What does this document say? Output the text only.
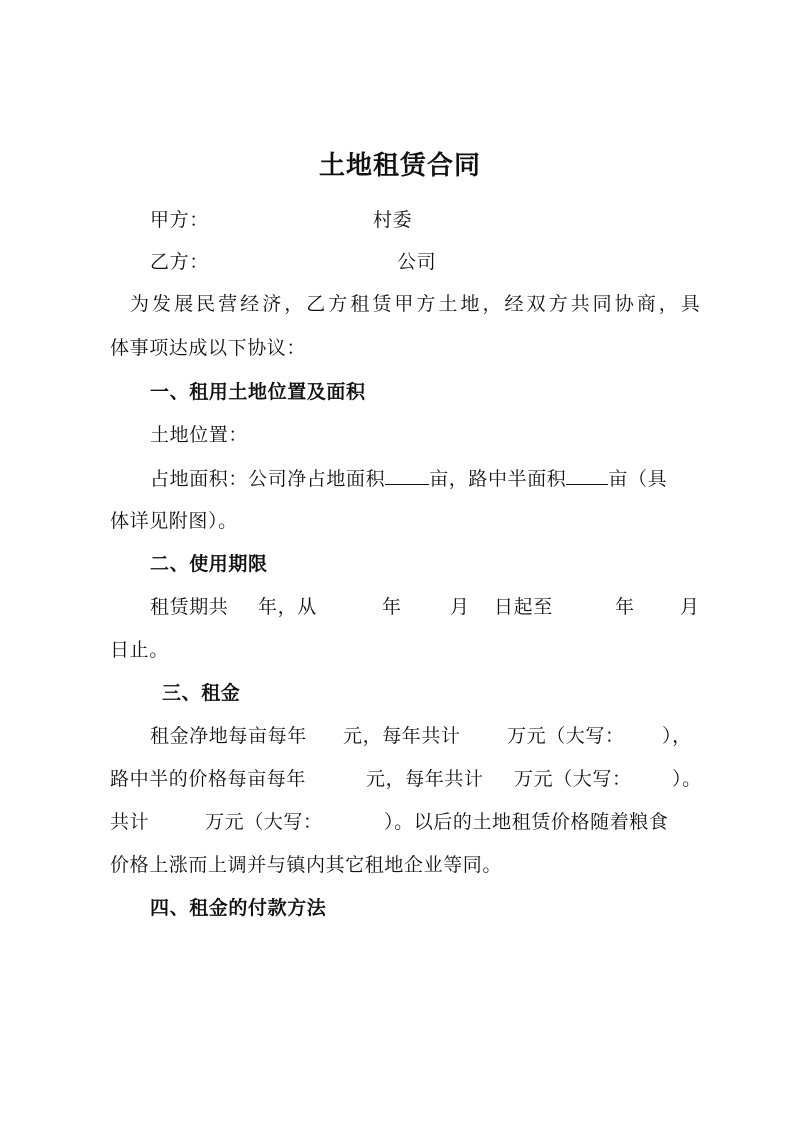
土地租赁合同
甲方：	村委
乙方：	公司
为 发 展 民 营 经 济 ， 乙 方 租 赁 甲 方 土 地 ， 经 双 方 共 同 协 商 ， 具
体事项达成以下协议：
一、租用土地位置及面积
土地位置：
占地面积：公司净占地面积 亩，路中半面积 亩（具
体详见附图）。
二、使用期限
租赁期共 年，从	年	月 日起至	年 月
日止。
三、租金
租金净地每亩每年 元，每年共计 万元（大写： ），
路中半的价格每亩每年	元，每年共计 万元（大写： ）。
共计	万元（大写：	）。以后的土地租赁价格随着粮食
价格上涨而上调并与镇内其它租地企业等同。
四、租金的付款方法
